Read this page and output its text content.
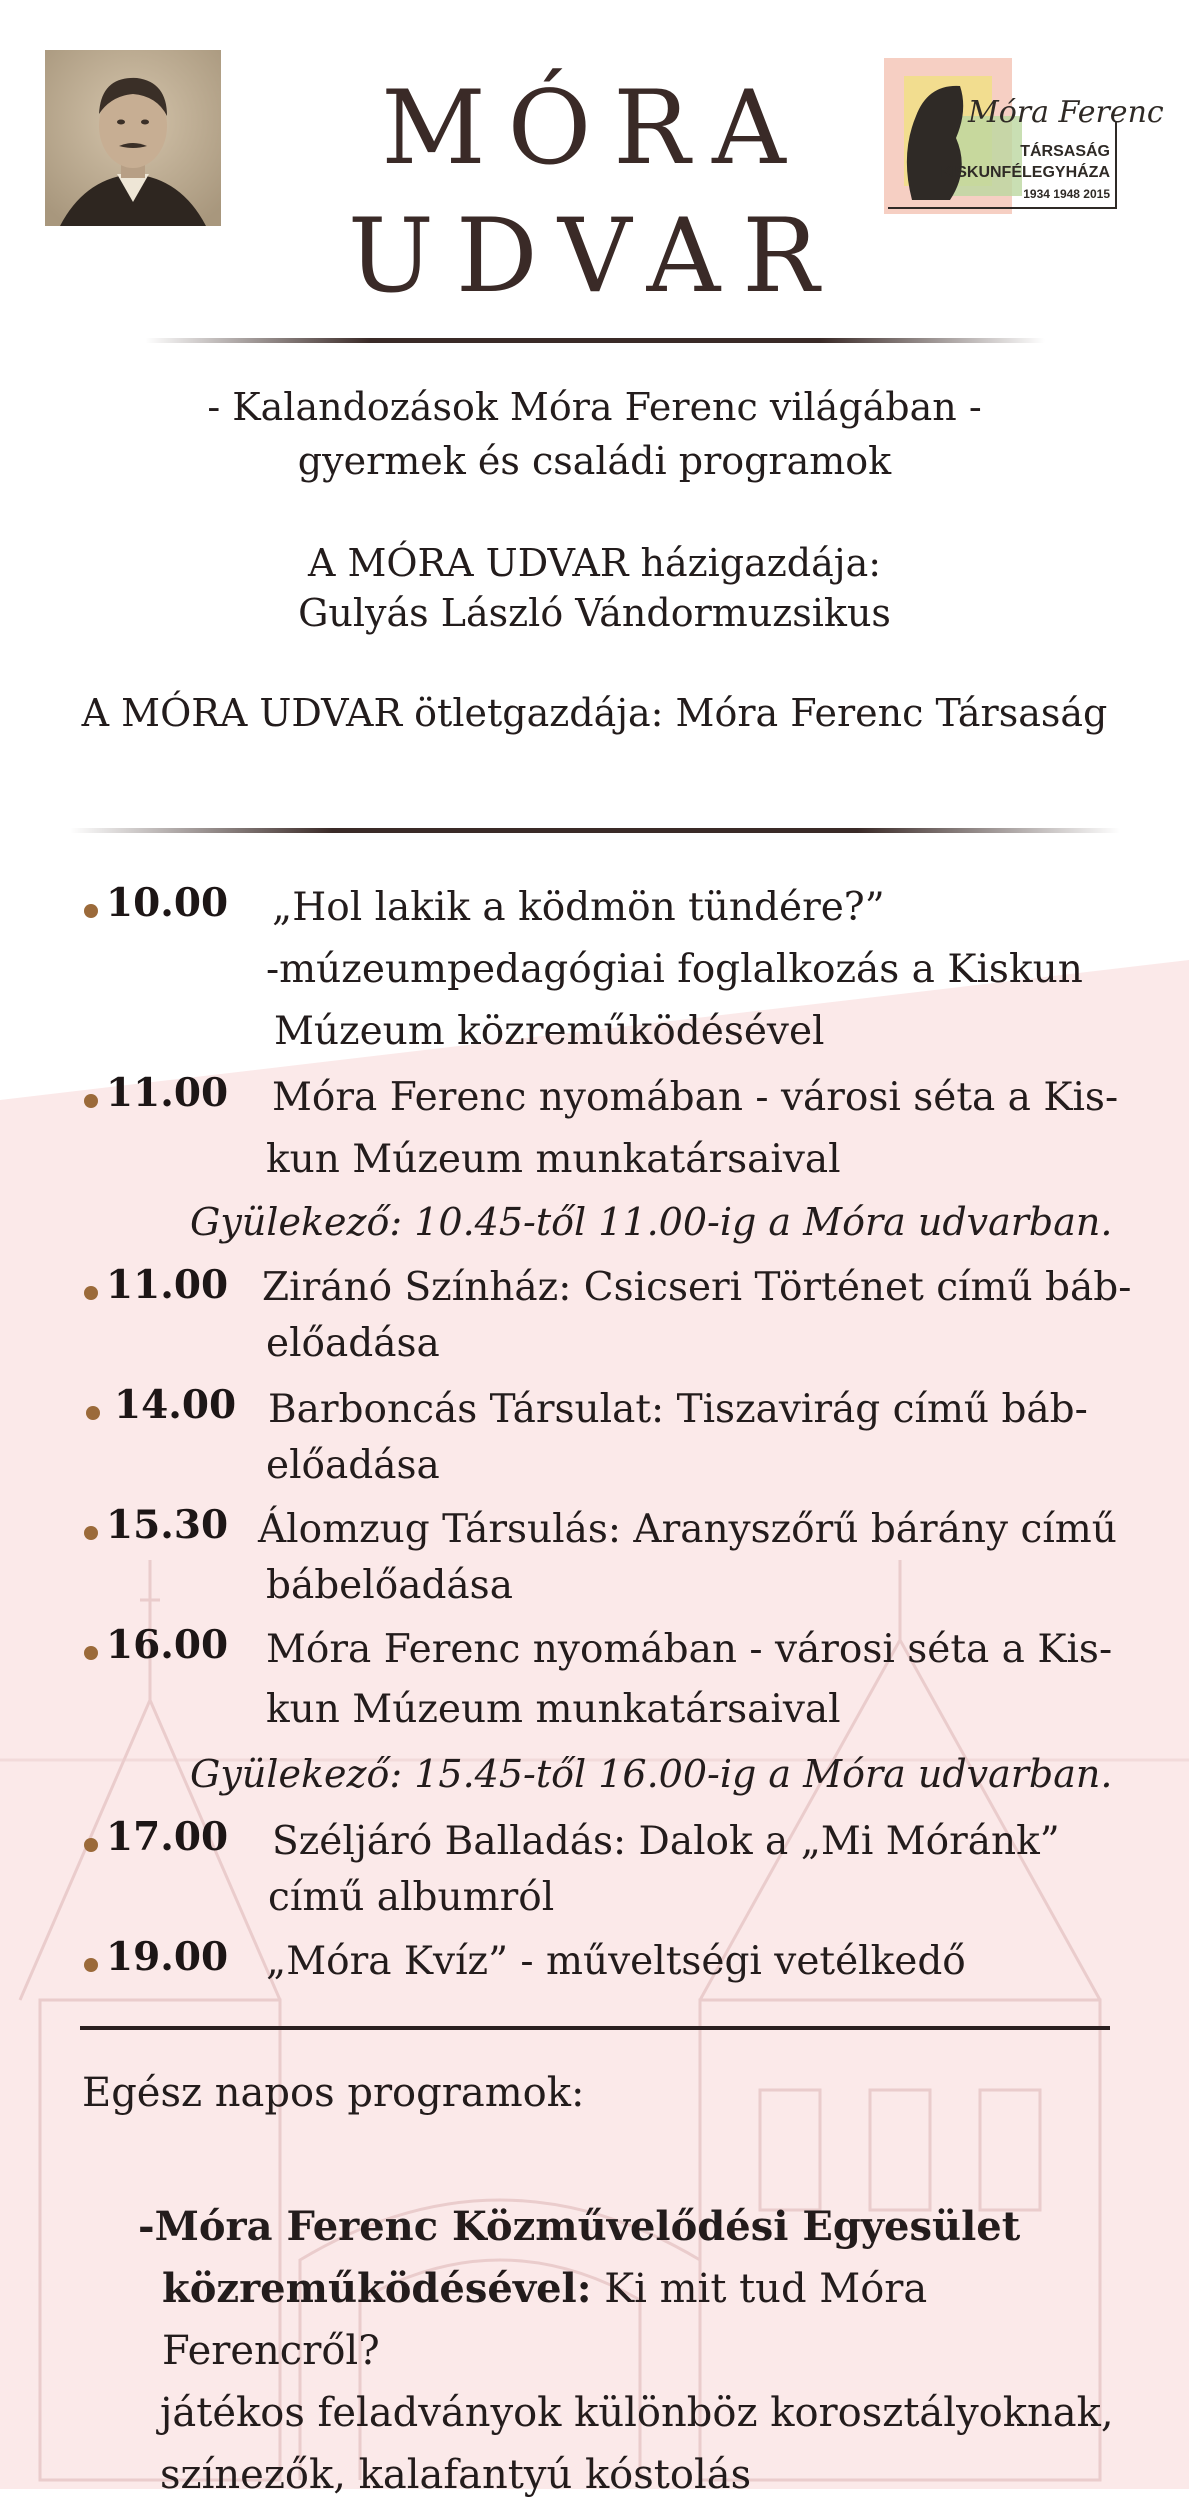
Móra Ferenc
TÁRSASÁG
KISKUNFÉLEGYHÁZA
1934 1948 2015
MÓRA
UDVAR
- Kalandozások Móra Ferenc világában -
gyermek és családi programok
A MÓRA UDVAR házigazdája:
Gulyás László Vándormuzsikus
A MÓRA UDVAR ötletgazdája: Móra Ferenc Társaság
10.00 „Hol lakik a ködmön tündére?”
-múzeumpedagógiai foglalkozás a Kiskun
Múzeum közreműködésével
11.00 Móra Ferenc nyomában - városi séta a Kis-
kun Múzeum munkatársaival
Gyülekező: 10.45-től 11.00-ig a Móra udvarban.
11.00 Ziránó Színház: Csicseri Történet című báb-
előadása
14.00 Barboncás Társulat: Tiszavirág című báb-
előadása
15.30 Álomzug Társulás: Aranyszőrű bárány című
bábelőadása
16.00 Móra Ferenc nyomában - városi séta a Kis-
kun Múzeum munkatársaival
Gyülekező: 15.45-től 16.00-ig a Móra udvarban.
17.00 Széljáró Balladás: Dalok a „Mi Móránk”
című albumról
19.00 „Móra Kvíz” - műveltségi vetélkedő
Egész napos programok:
-Móra Ferenc Közművelődési Egyesület
közreműködésével: Ki mit tud Móra Ferencről?
játékos feladványok különböz korosztályoknak,
színezők, kalafantyú kóstolás
